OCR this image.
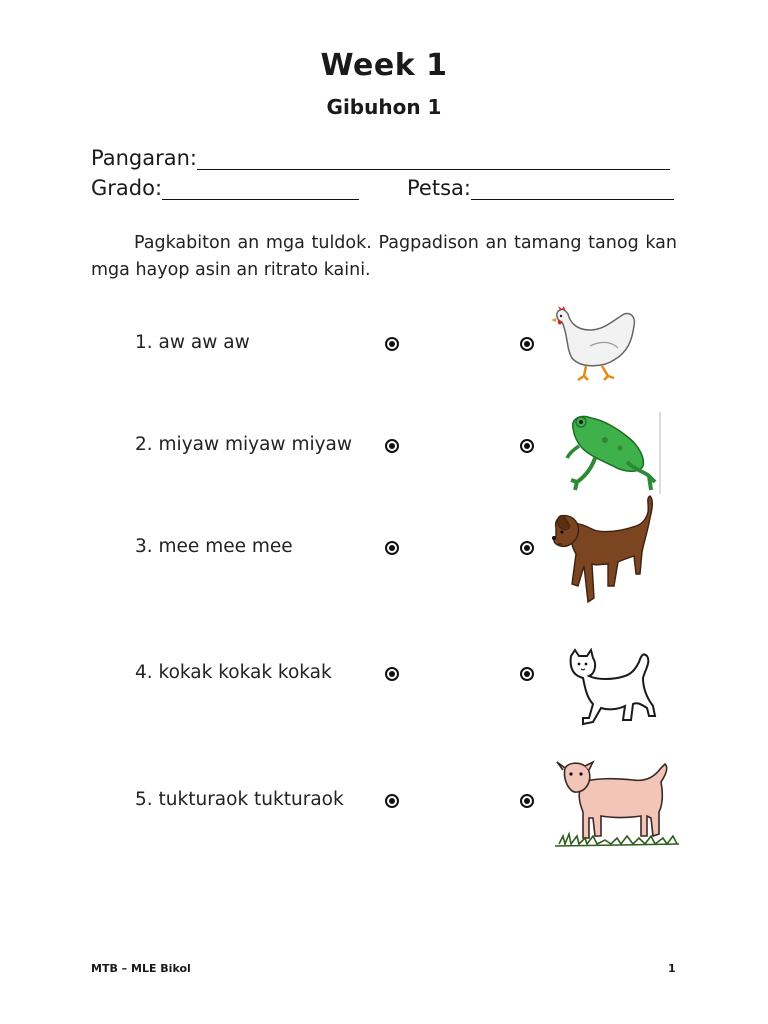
Week 1
Gibuhon 1
Pangaran:
Grado:	Petsa:
Pagkabiton an mga tuldok. Pagpadison an tamang tanog kan mga hayop asin an ritrato kaini.
1. aw aw aw
2. miyaw miyaw miyaw
3. mee mee mee
4. kokak kokak kokak
5. tukturaok tukturaok
MTB – MLE Bikol	1
